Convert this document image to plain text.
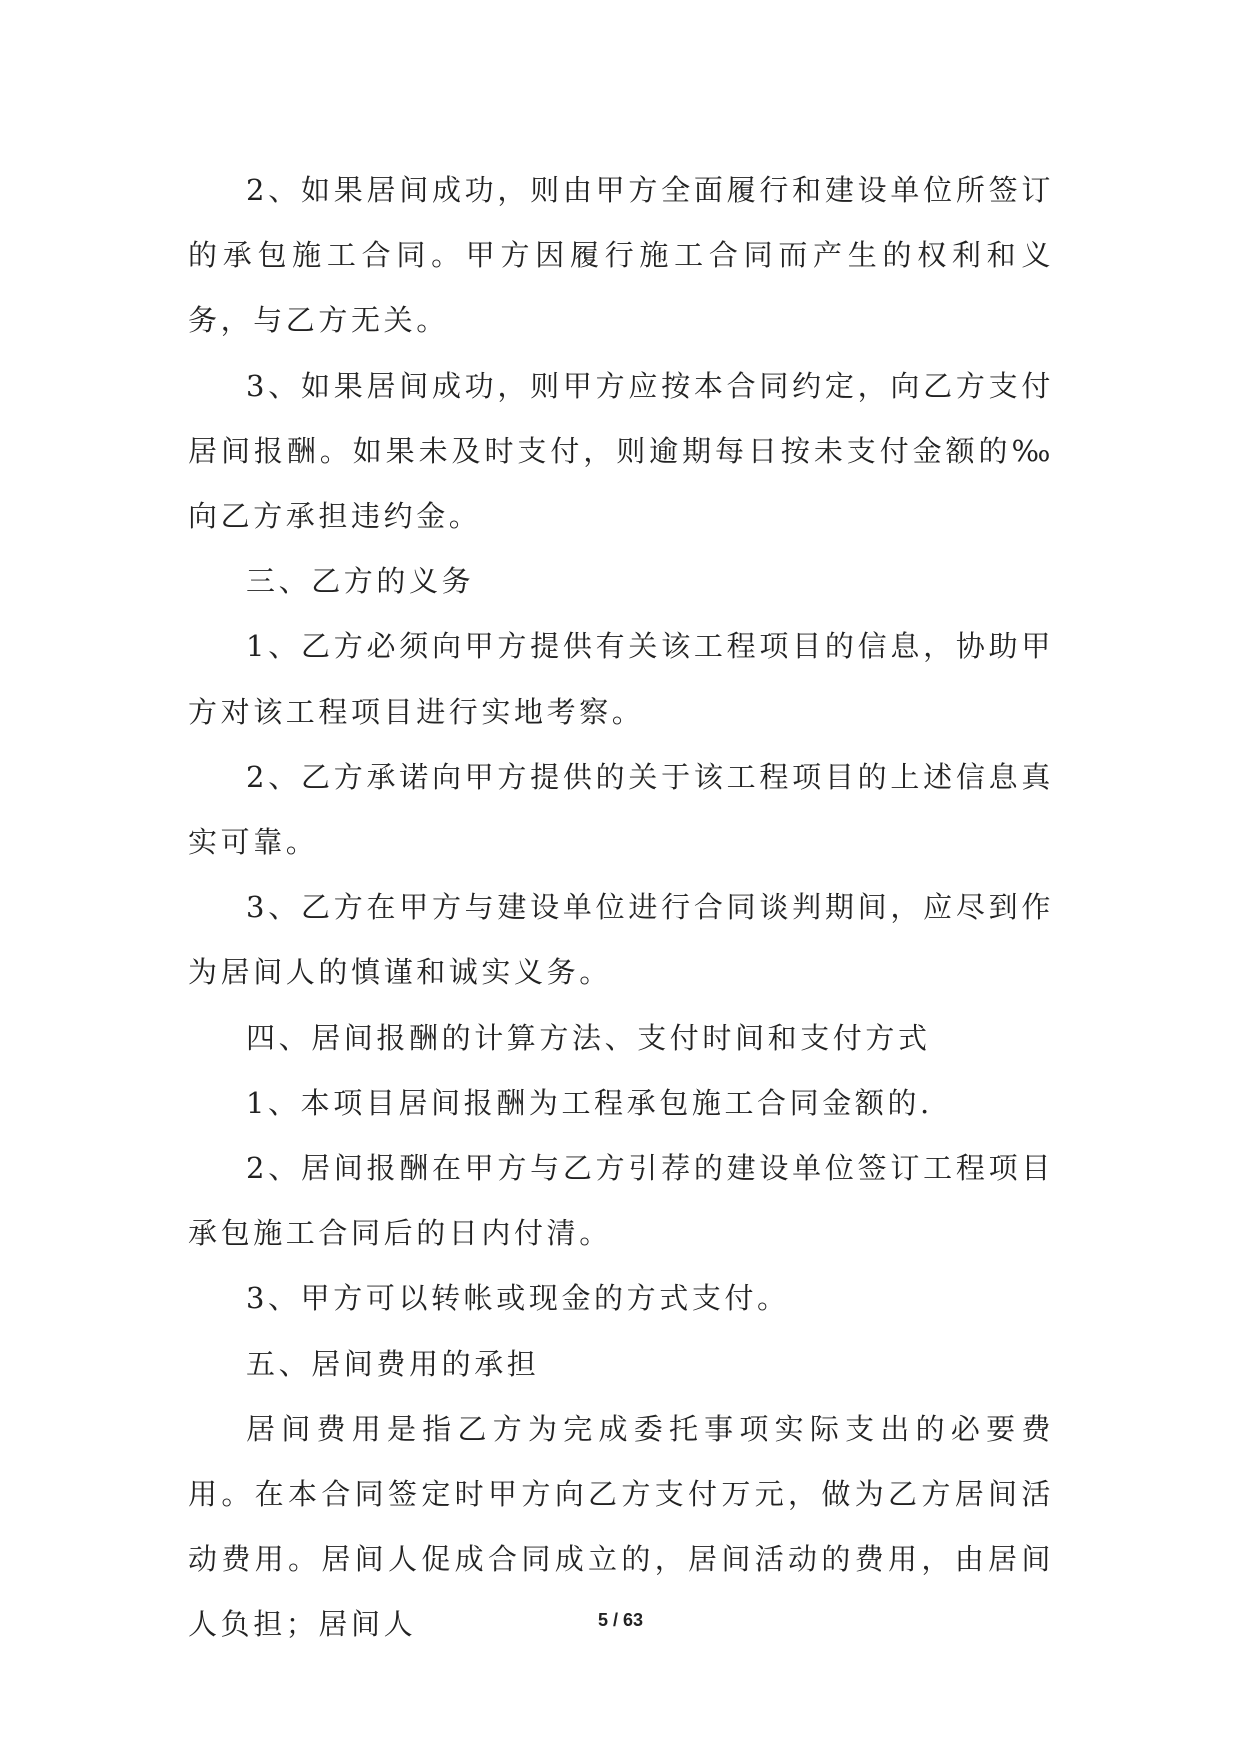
2、如果居间成功，则由甲方全面履行和建设单位所签订的承包施工合同。甲方因履行施工合同而产生的权利和义务，与乙方无关。

3、如果居间成功，则甲方应按本合同约定，向乙方支付居间报酬。如果未及时支付，则逾期每日按未支付金额的‰向乙方承担违约金。

三、乙方的义务

1、乙方必须向甲方提供有关该工程项目的信息，协助甲方对该工程项目进行实地考察。

2、乙方承诺向甲方提供的关于该工程项目的上述信息真实可靠。

3、乙方在甲方与建设单位进行合同谈判期间，应尽到作为居间人的慎谨和诚实义务。

四、居间报酬的计算方法、支付时间和支付方式

1、本项目居间报酬为工程承包施工合同金额的.

2、居间报酬在甲方与乙方引荐的建设单位签订工程项目承包施工合同后的日内付清。

3、甲方可以转帐或现金的方式支付。

五、居间费用的承担

居间费用是指乙方为完成委托事项实际支出的必要费用。在本合同签定时甲方向乙方支付万元，做为乙方居间活动费用。居间人促成合同成立的，居间活动的费用，由居间人负担；居间人	5 / 63
